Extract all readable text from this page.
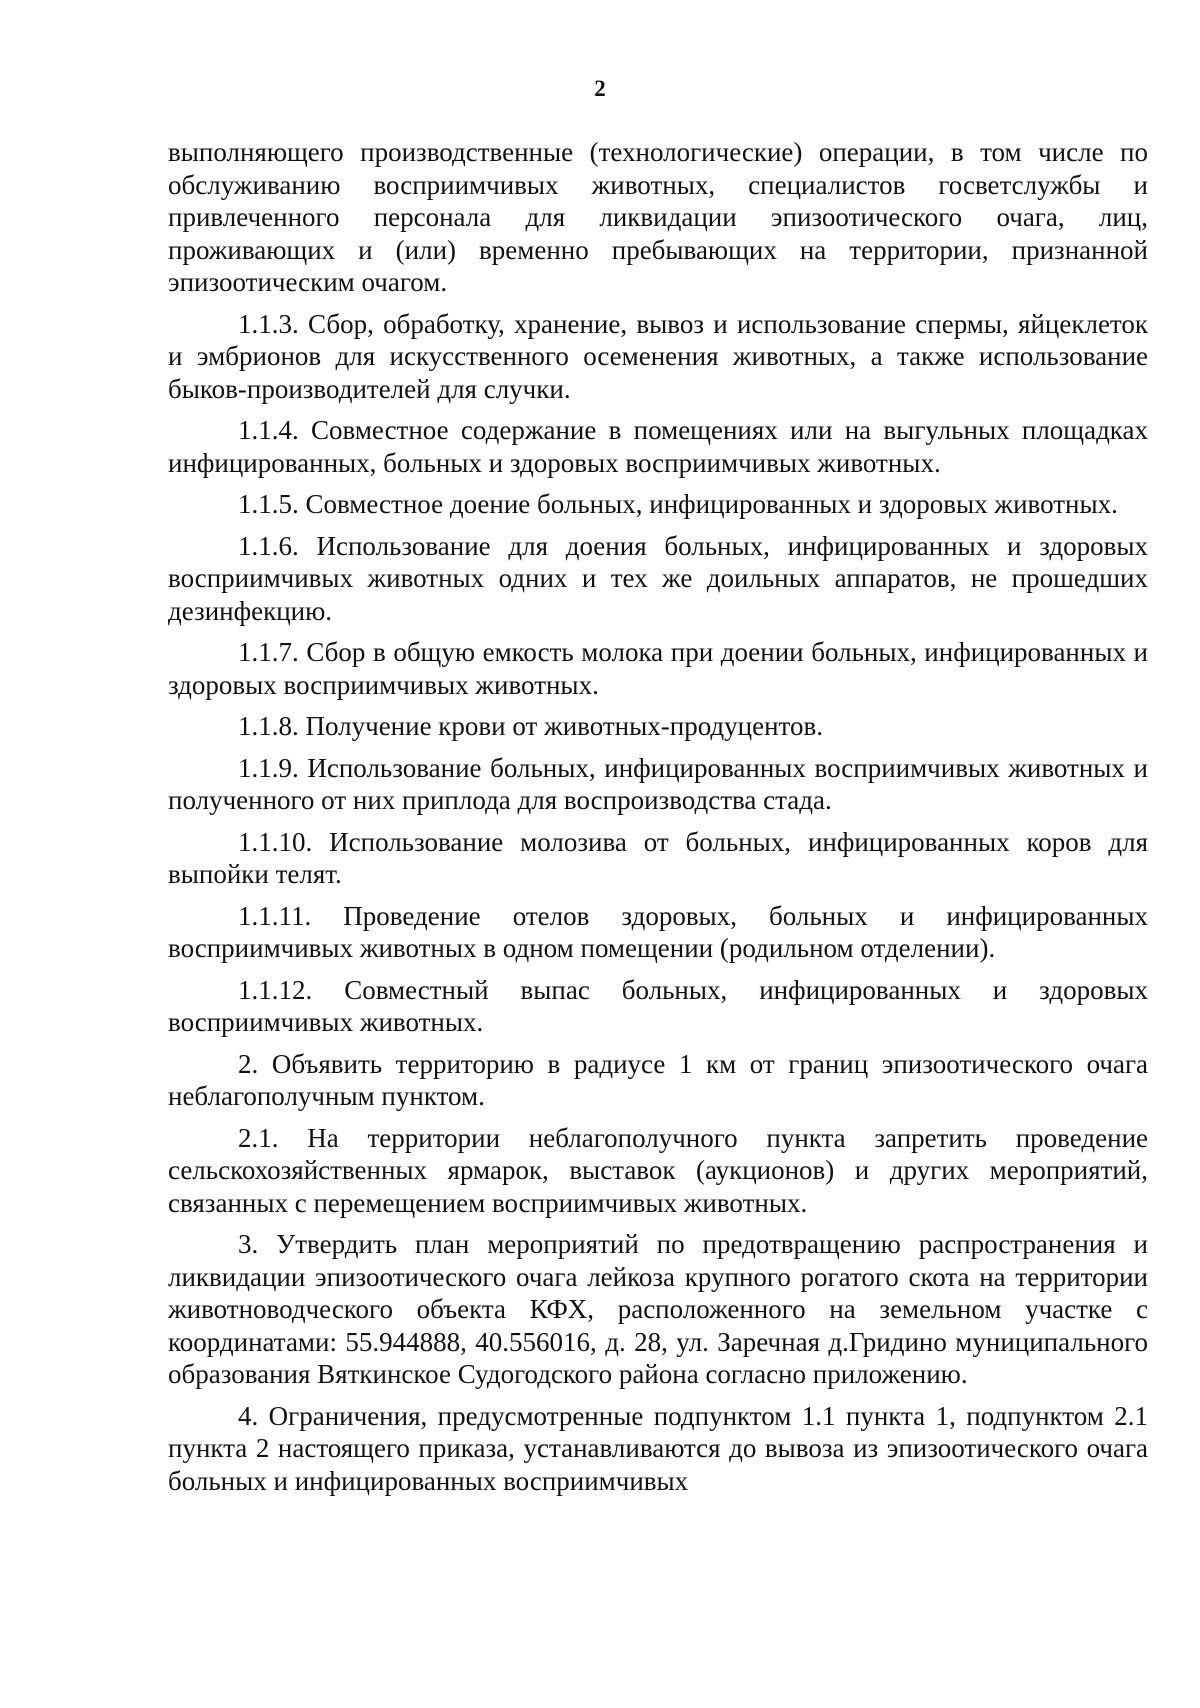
2

выполняющего производственные (технологические) операции, в том числе по обслуживанию восприимчивых животных, специалистов госветслужбы и привлеченного персонала для ликвидации эпизоотического очага, лиц, проживающих и (или) временно пребывающих на территории, признанной эпизоотическим очагом.

1.1.3. Сбор, обработку, хранение, вывоз и использование спермы, яйцеклеток и эмбрионов для искусственного осеменения животных, а также использование быков-производителей для случки.

1.1.4. Совместное содержание в помещениях или на выгульных площадках инфицированных, больных и здоровых восприимчивых животных.

1.1.5. Совместное доение больных, инфицированных и здоровых животных.

1.1.6. Использование для доения больных, инфицированных и здоровых восприимчивых животных одних и тех же доильных аппаратов, не прошедших дезинфекцию.

1.1.7. Сбор в общую емкость молока при доении больных, инфицированных и здоровых восприимчивых животных.

1.1.8. Получение крови от животных-продуцентов.

1.1.9. Использование больных, инфицированных восприимчивых животных и полученного от них приплода для воспроизводства стада.

1.1.10. Использование молозива от больных, инфицированных коров для выпойки телят.

1.1.11. Проведение отелов здоровых, больных и инфицированных восприимчивых животных в одном помещении (родильном отделении).

1.1.12. Совместный выпас больных, инфицированных и здоровых восприимчивых животных.

2. Объявить территорию в радиусе 1 км от границ эпизоотического очага неблагополучным пунктом.

2.1. На территории неблагополучного пункта запретить проведение сельскохозяйственных ярмарок, выставок (аукционов) и других мероприятий, связанных с перемещением восприимчивых животных.

3. Утвердить план мероприятий по предотвращению распространения и ликвидации эпизоотического очага лейкоза крупного рогатого скота на территории животноводческого объекта КФХ, расположенного на земельном участке с координатами: 55.944888, 40.556016, д. 28, ул. Заречная д.Гридино муниципального образования Вяткинское Судогодского района согласно приложению.

4. Ограничения, предусмотренные подпунктом 1.1 пункта 1, подпунктом 2.1 пункта 2 настоящего приказа, устанавливаются до вывоза из эпизоотического очага больных и инфицированных восприимчивых
